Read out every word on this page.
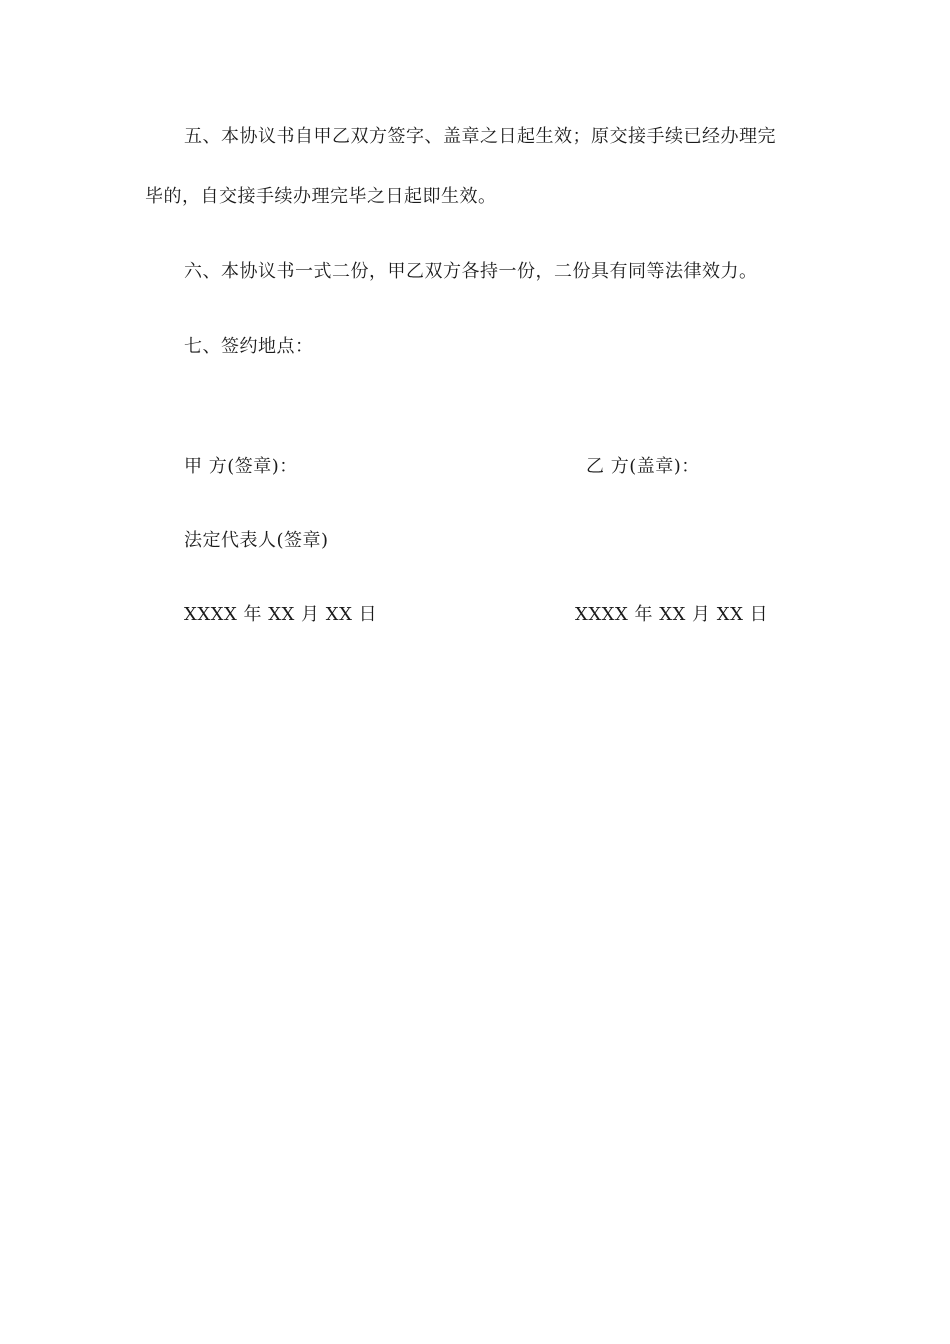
五、本协议书自甲乙双方签字、盖章之日起生效；原交接手续已经办理完
毕的，自交接手续办理完毕之日起即生效。
六、本协议书一式二份，甲乙双方各持一份，二份具有同等法律效力。
七、签约地点：
甲 方(签章)：	乙 方(盖章)：
法定代表人(签章)
XXXX 年 XX 月 XX 日	XXXX 年 XX 月 XX 日
